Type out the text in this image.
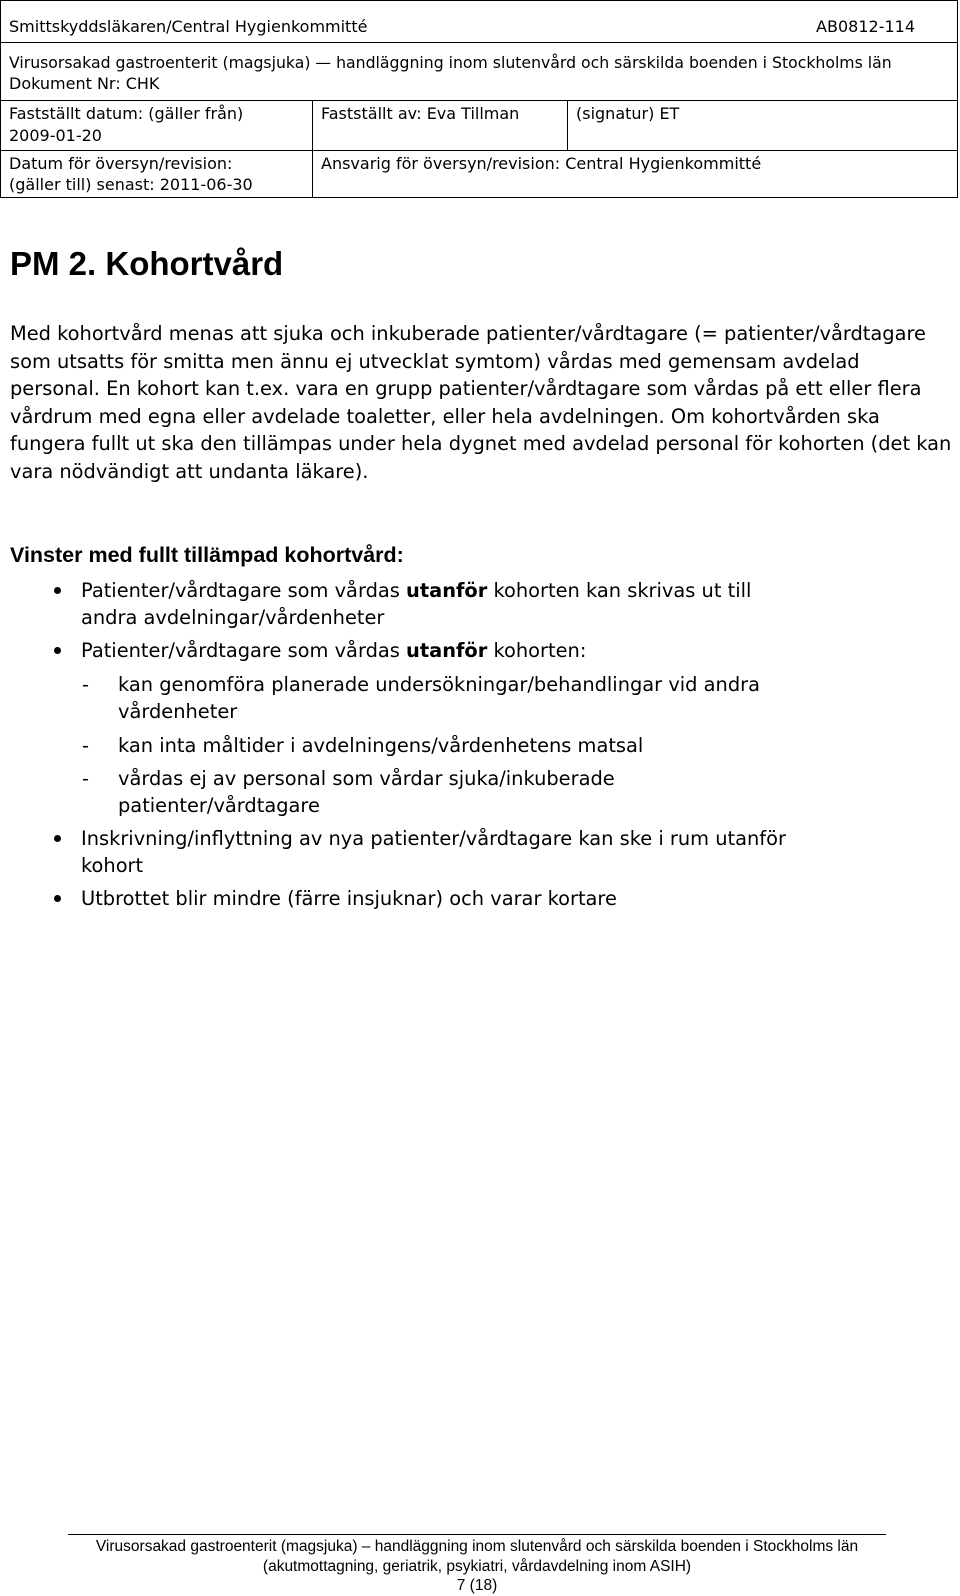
Smittskyddsläkaren/Central Hygienkommitté	AB0812-114
Virusorsakad gastroenterit (magsjuka) — handläggning inom slutenvård och särskilda boenden i Stockholms län
Dokument Nr: CHK
Fastställt datum: (gäller från)
2009-01-20
Fastställt av: Eva Tillman	(signatur) ET
Datum för översyn/revision:
(gäller till) senast: 2011-06-30
Ansvarig för översyn/revision: Central Hygienkommitté
PM 2. Kohortvård

Med kohortvård menas att sjuka och inkuberade patienter/vårdtagare (= patienter/vårdtagare som utsatts för smitta men ännu ej utvecklat symtom) vårdas med gemensam avdelad personal. En kohort kan t.ex. vara en grupp patienter/vårdtagare som vårdas på ett eller flera vårdrum med egna eller avdelade toaletter, eller hela avdelningen. Om kohortvården ska fungera fullt ut ska den tillämpas under hela dygnet med avdelad personal för kohorten (det kan vara nödvändigt att undanta läkare).

Vinster med fullt tillämpad kohortvård:
Patienter/vårdtagare som vårdas utanför kohorten kan skrivas ut till
andra avdelningar/vårdenheter
Patienter/vårdtagare som vårdas utanför kohorten:
- kan genomföra planerade undersökningar/behandlingar vid andra
vårdenheter
- kan inta måltider i avdelningens/vårdenhetens matsal
- vårdas ej av personal som vårdar sjuka/inkuberade
patienter/vårdtagare
Inskrivning/inflyttning av nya patienter/vårdtagare kan ske i rum utanför
kohort
Utbrottet blir mindre (färre insjuknar) och varar kortare
Virusorsakad gastroenterit (magsjuka) – handläggning inom slutenvård och särskilda boenden i Stockholms län
(akutmottagning, geriatrik, psykiatri, vårdavdelning inom ASIH)
7 (18)
